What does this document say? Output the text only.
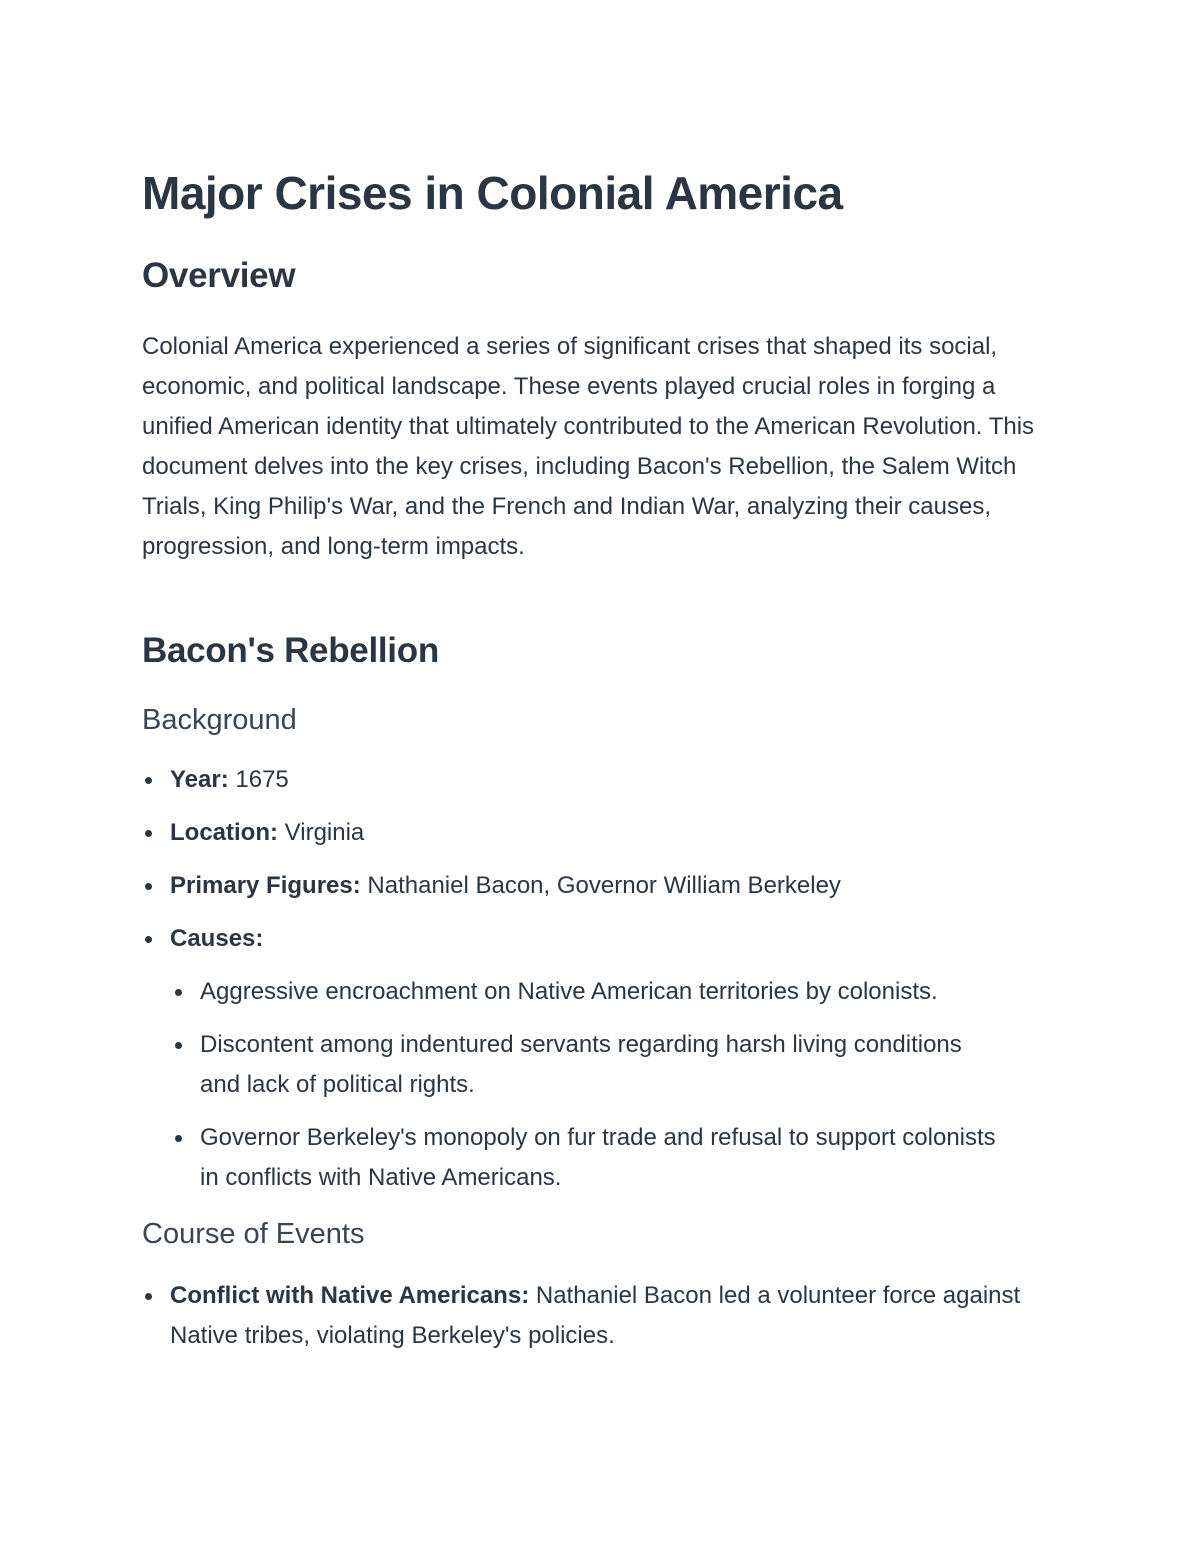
Major Crises in Colonial America
Overview

Colonial America experienced a series of significant crises that shaped its social, economic, and political landscape. These events played crucial roles in forging a unified American identity that ultimately contributed to the American Revolution. This document delves into the key crises, including Bacon's Rebellion, the Salem Witch Trials, King Philip's War, and the French and Indian War, analyzing their causes, progression, and long-term impacts.

Bacon's Rebellion
Background
Year: 1675
Location: Virginia
Primary Figures: Nathaniel Bacon, Governor William Berkeley
Causes:
Aggressive encroachment on Native American territories by colonists.
Discontent among indentured servants regarding harsh living conditions and lack of political rights.
Governor Berkeley's monopoly on fur trade and refusal to support colonists in conflicts with Native Americans.
Course of Events
Conflict with Native Americans: Nathaniel Bacon led a volunteer force against Native tribes, violating Berkeley's policies.
